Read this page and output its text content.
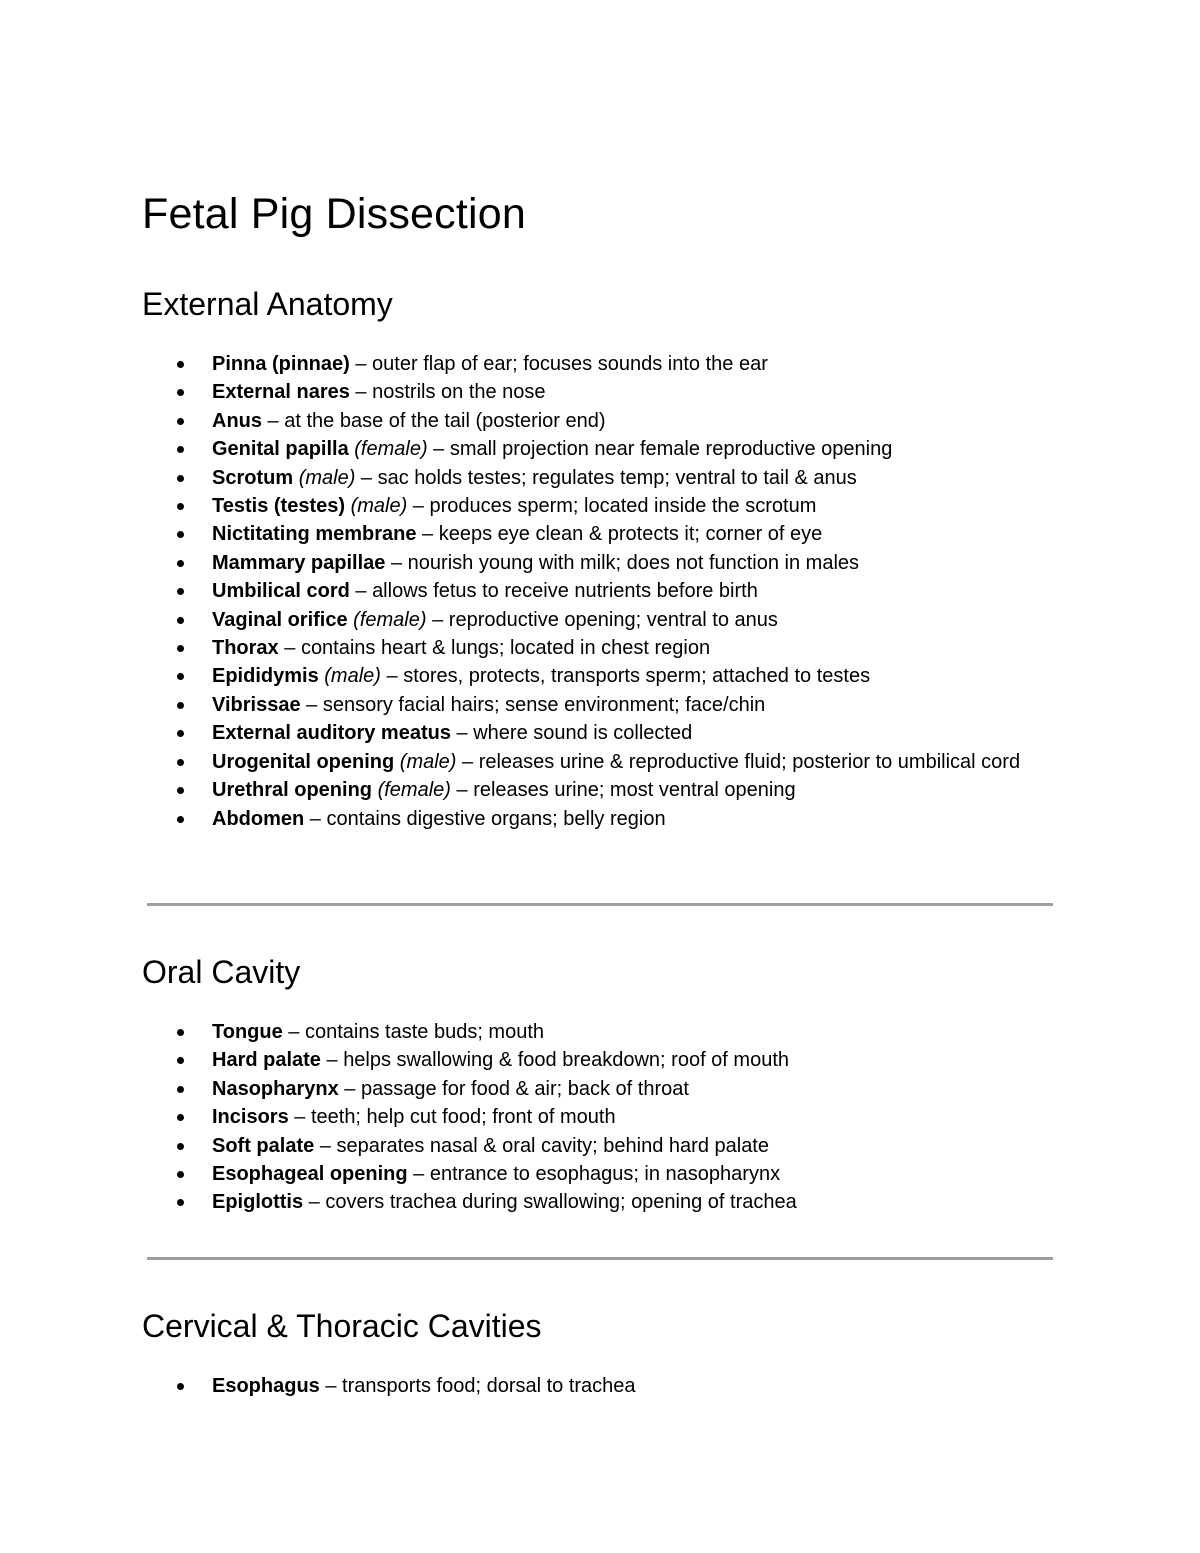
Fetal Pig Dissection
External Anatomy
Pinna (pinnae) – outer flap of ear; focuses sounds into the ear
External nares – nostrils on the nose
Anus – at the base of the tail (posterior end)
Genital papilla (female) – small projection near female reproductive opening
Scrotum (male) – sac holds testes; regulates temp; ventral to tail & anus
Testis (testes) (male) – produces sperm; located inside the scrotum
Nictitating membrane – keeps eye clean & protects it; corner of eye
Mammary papillae – nourish young with milk; does not function in males
Umbilical cord – allows fetus to receive nutrients before birth
Vaginal orifice (female) – reproductive opening; ventral to anus
Thorax – contains heart & lungs; located in chest region
Epididymis (male) – stores, protects, transports sperm; attached to testes
Vibrissae – sensory facial hairs; sense environment; face/chin
External auditory meatus – where sound is collected
Urogenital opening (male) – releases urine & reproductive fluid; posterior to umbilical cord
Urethral opening (female) – releases urine; most ventral opening
Abdomen – contains digestive organs; belly region
Oral Cavity
Tongue – contains taste buds; mouth
Hard palate – helps swallowing & food breakdown; roof of mouth
Nasopharynx – passage for food & air; back of throat
Incisors – teeth; help cut food; front of mouth
Soft palate – separates nasal & oral cavity; behind hard palate
Esophageal opening – entrance to esophagus; in nasopharynx
Epiglottis – covers trachea during swallowing; opening of trachea
Cervical & Thoracic Cavities
Esophagus – transports food; dorsal to trachea
